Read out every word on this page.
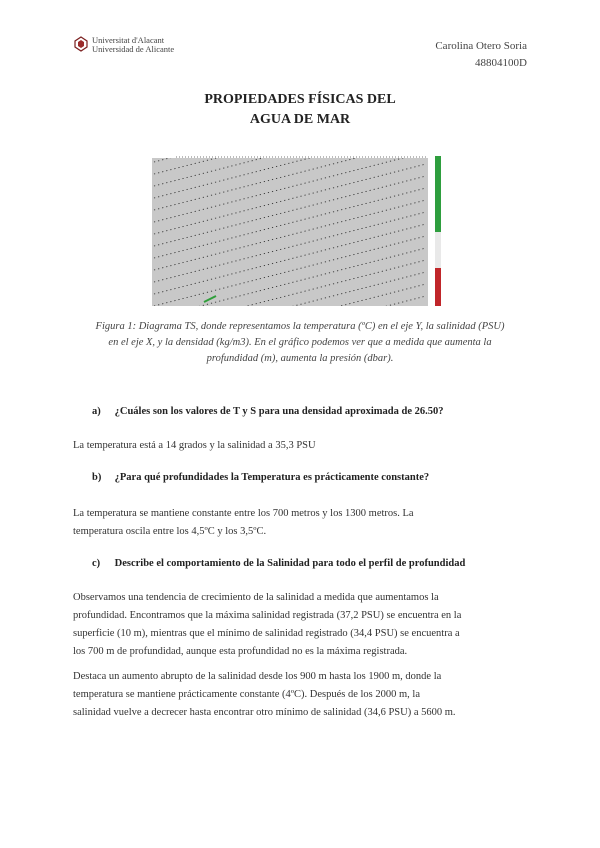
Universitat d'Alacant
Universidad de Alicante	Carolina Otero Soria
48804100D
PROPIEDADES FÍSICAS DEL
AGUA DE MAR
Figura 1: Diagrama TS, donde representamos la temperatura (ºC) en el eje Y, la salinidad (PSU)
en el eje X, y la densidad (kg/m3). En el gráfico podemos ver que a medida que aumenta la
profundidad (m), aumenta la presión (dbar).
a) ¿Cuáles son los valores de T y S para una densidad aproximada de 26.50?
La temperatura está a 14 grados y la salinidad a 35,3 PSU
b) ¿Para qué profundidades la Temperatura es prácticamente constante?
La temperatura se mantiene constante entre los 700 metros y los 1300 metros. La
temperatura oscila entre los 4,5ºC y los 3,5ºC.
c) Describe el comportamiento de la Salinidad para todo el perfil de profundidad
Observamos una tendencia de crecimiento de la salinidad a medida que aumentamos la
profundidad. Encontramos que la máxima salinidad registrada (37,2 PSU) se encuentra en la
superficie (10 m), mientras que el mínimo de salinidad registrado (34,4 PSU) se encuentra a
los 700 m de profundidad, aunque esta profundidad no es la máxima registrada.
Destaca un aumento abrupto de la salinidad desde los 900 m hasta los 1900 m, donde la
temperatura se mantiene prácticamente constante (4ºC). Después de los 2000 m, la
salinidad vuelve a decrecer hasta encontrar otro mínimo de salinidad (34,6 PSU) a 5600 m.
